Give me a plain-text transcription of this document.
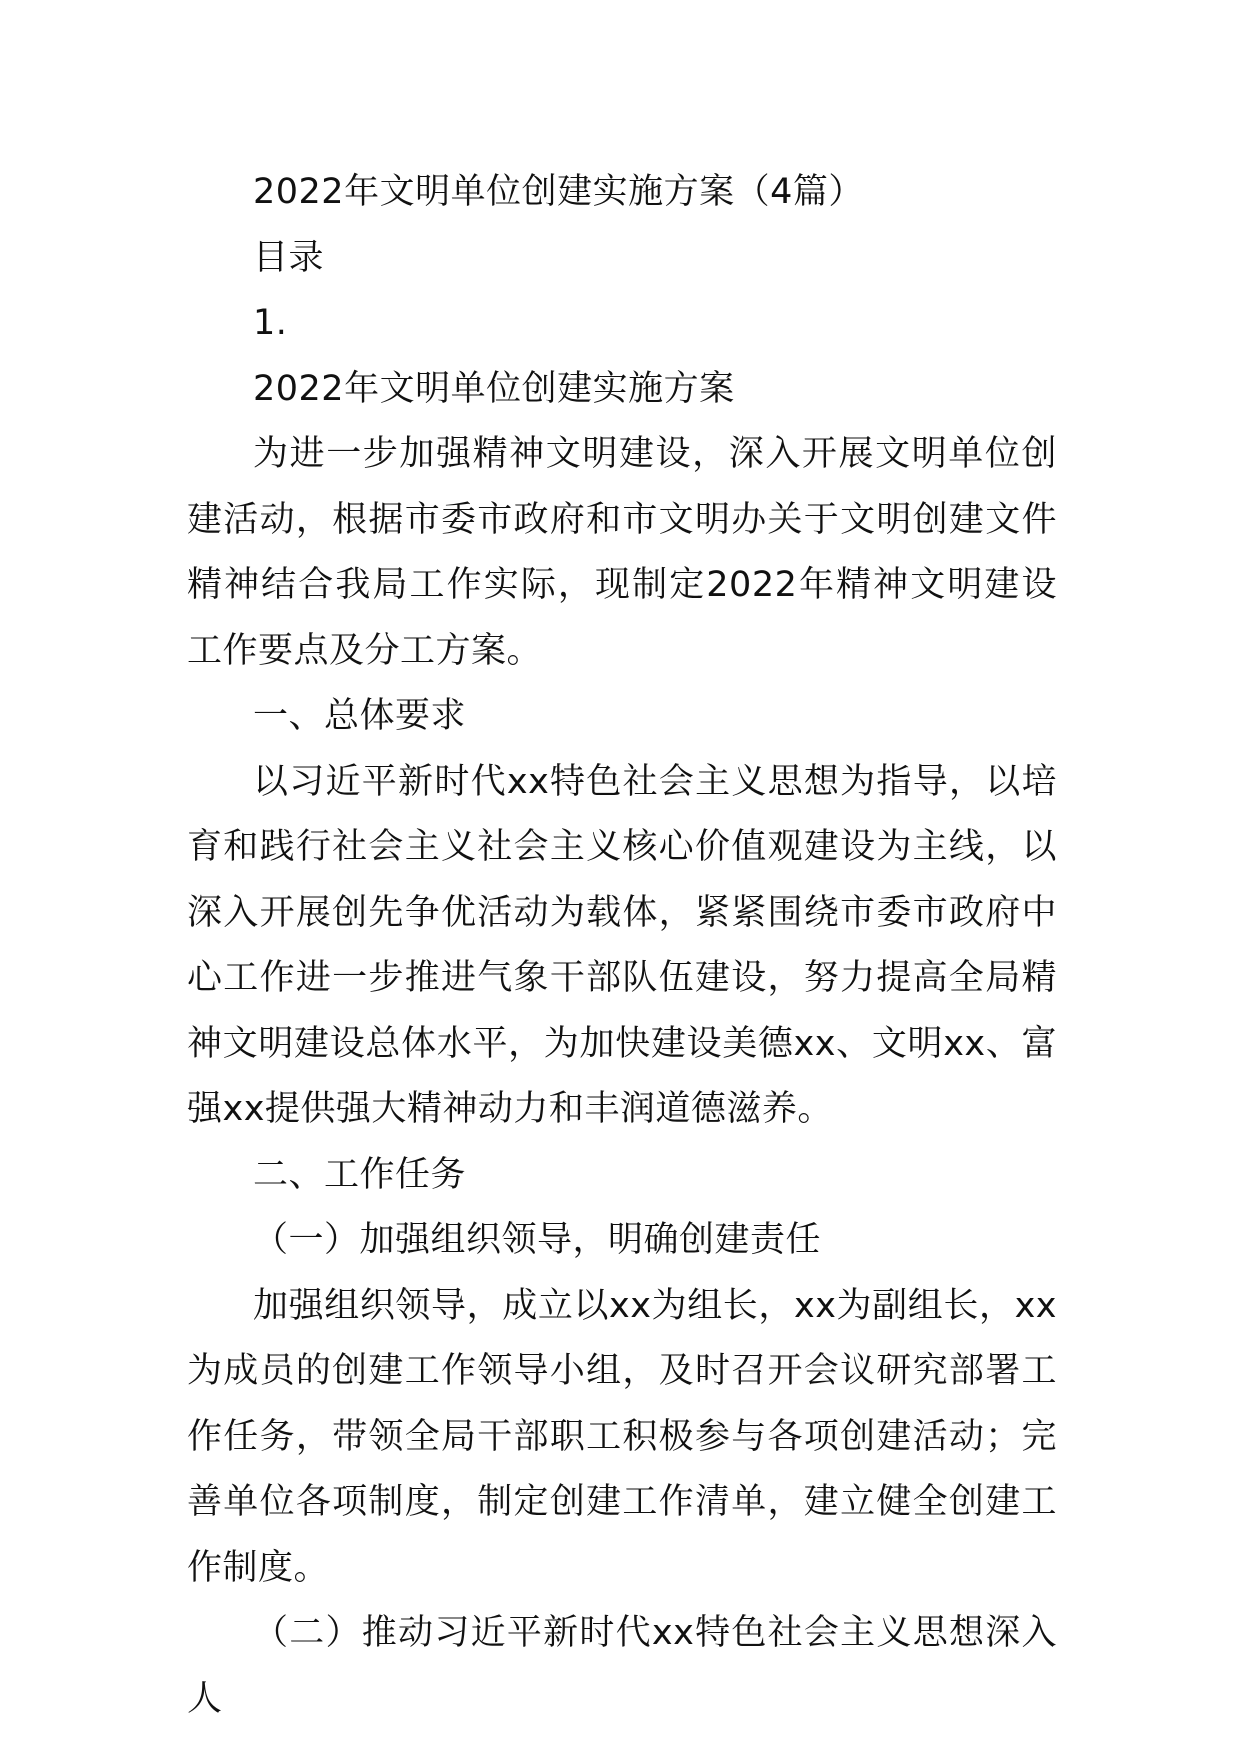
2022年文明单位创建实施方案（4篇）

目录

1.

2022年文明单位创建实施方案

为进一步加强精神文明建设，深入开展文明单位创建活动，根据市委市政府和市文明办关于文明创建文件精神结合我局工作实际，现制定2022年精神文明建设工作要点及分工方案。

一、总体要求

以习近平新时代xx特色社会主义思想为指导，以培育和践行社会主义社会主义核心价值观建设为主线，以深入开展创先争优活动为载体，紧紧围绕市委市政府中心工作进一步推进气象干部队伍建设，努力提高全局精神文明建设总体水平，为加快建设美德xx、文明xx、富强xx提供强大精神动力和丰润道德滋养。

二、工作任务

（一）加强组织领导，明确创建责任

加强组织领导，成立以xx为组长，xx为副组长，xx为成员的创建工作领导小组，及时召开会议研究部署工作任务，带领全局干部职工积极参与各项创建活动；完善单位各项制度，制定创建工作清单，建立健全创建工作制度。

（二）推动习近平新时代xx特色社会主义思想深入人
